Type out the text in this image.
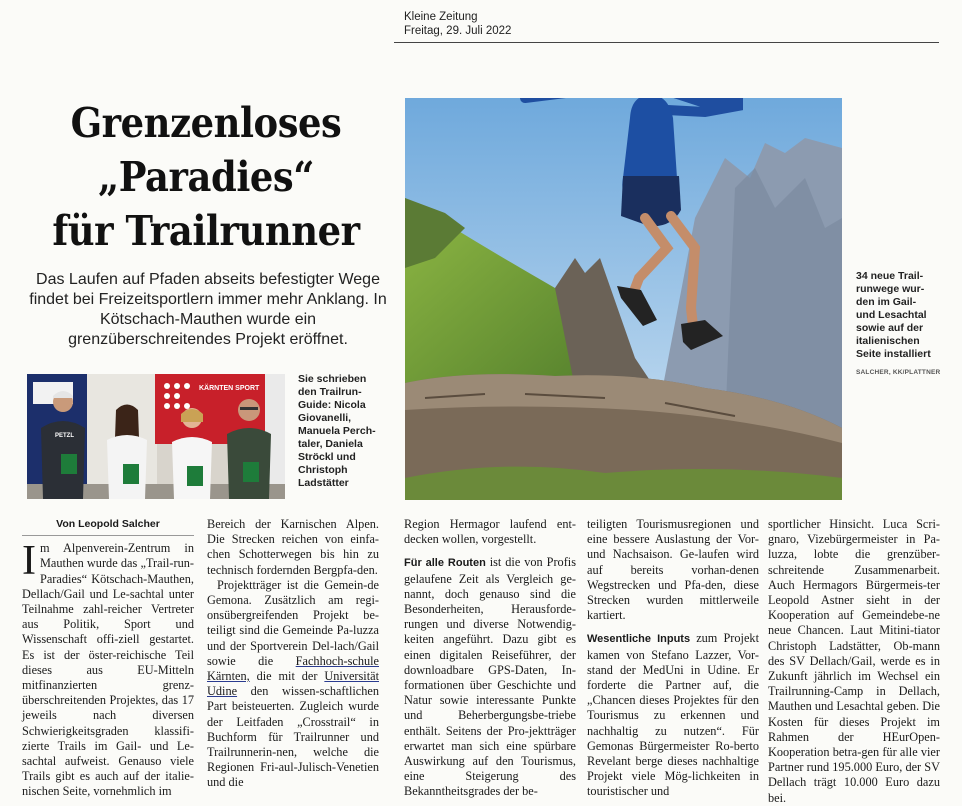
Kleine Zeitung
Freitag, 29. Juli 2022
Grenzenloses
„Paradies“
für Trailrunner
Das Laufen auf Pfaden abseits befestigter Wege findet bei Freizeitsportlern immer mehr Anklang. In Kötschach-Mauthen wurde ein grenzüberschreitendes Projekt eröffnet.
KÄRNTEN SPORT
PETZL
Sie schrieben
den Trailrun-
Guide: Nicola
Giovanelli,
Manuela Perch-
taler, Daniela
Ströckl und
Christoph
Ladstätter
34 neue Trail-
runwege wur-
den im Gail-
und Lesachtal
sowie auf der
italienischen
Seite installiert
SALCHER, KK/PLATTNER
Von Leopold Salcher

Im Alpenverein-Zentrum in Mauthen wurde das „Trail-run-Paradies“ Kötschach-Mauthen, Dellach/Gail und Le-sachtal unter Teilnahme zahl-reicher Vertreter aus Politik, Sport und Wissenschaft offi-ziell gestartet. Es ist der öster-reichische Teil dieses aus EU-Mitteln mitfinanzierten grenz-überschreitenden Projektes, das 17 jeweils nach diversen Schwierigkeitsgraden klassifi-zierte Trails im Gail- und Le-sachtal aufweist. Genauso viele Trails gibt es auch auf der italie-nischen Seite, vornehmlich im

Bereich der Karnischen Alpen. Die Strecken reichen von einfa-chen Schotterwegen bis hin zu technisch fordernden Bergpfa-den.

Projektträger ist die Gemein-de Gemona. Zusätzlich am regi-onsübergreifenden Projekt be-teiligt sind die Gemeinde Pa-luzza und der Sportverein Del-lach/Gail sowie die Fachhoch-schule Kärnten, die mit der Universität Udine den wissen-schaftlichen Part beisteuerten. Zugleich wurde der Leitfaden „Crosstrail“ in Buchform für Trailrunner und Trailrunnerin-nen, welche die Regionen Fri-aul-Julisch-Venetien und die

Region Hermagor laufend ent-decken wollen, vorgestellt.

Für alle Routen ist die von Profis gelaufene Zeit als Vergleich ge-nannt, doch genauso sind die Besonderheiten, Herausforde-rungen und diverse Notwendig-keiten angeführt. Dazu gibt es einen digitalen Reiseführer, der downloadbare GPS-Daten, In-formationen über Geschichte und Natur sowie interessante Punkte und Beherbergungsbe-triebe enthält. Seitens der Pro-jektträger erwartet man sich eine spürbare Auswirkung auf den Tourismus, eine Steigerung des Bekanntheitsgrades der be-

teiligten Tourismusregionen und eine bessere Auslastung der Vor- und Nachsaison. Ge-laufen wird auf bereits vorhan-denen Wegstrecken und Pfa-den, diese Strecken wurden mittlerweile kartiert.

Wesentliche Inputs zum Projekt kamen von Stefano Lazzer, Vor-stand der MedUni in Udine. Er forderte die Partner auf, die „Chancen dieses Projektes für den Tourismus zu erkennen und nachhaltig zu nutzen“. Für Gemonas Bürgermeister Ro-berto Revelant berge dieses nachhaltige Projekt viele Mög-lichkeiten in touristischer und

sportlicher Hinsicht. Luca Scri-gnaro, Vizebürgermeister in Pa-luzza, lobte die grenzüber-schreitende Zusammenarbeit. Auch Hermagors Bürgermeis-ter Leopold Astner sieht in der Kooperation auf Gemeindebe-ne neue Chancen. Laut Mitini-tiator Christoph Ladstätter, Ob-mann des SV Dellach/Gail, werde es in Zukunft jährlich im Wechsel ein Trailrunning-Camp in Dellach, Mauthen und Lesachtal geben. Die Kosten für dieses Projekt im Rahmen der HEurOpen-Kooperation betra-gen für alle vier Partner rund 195.000 Euro, der SV Dellach trägt 10.000 Euro dazu bei.
